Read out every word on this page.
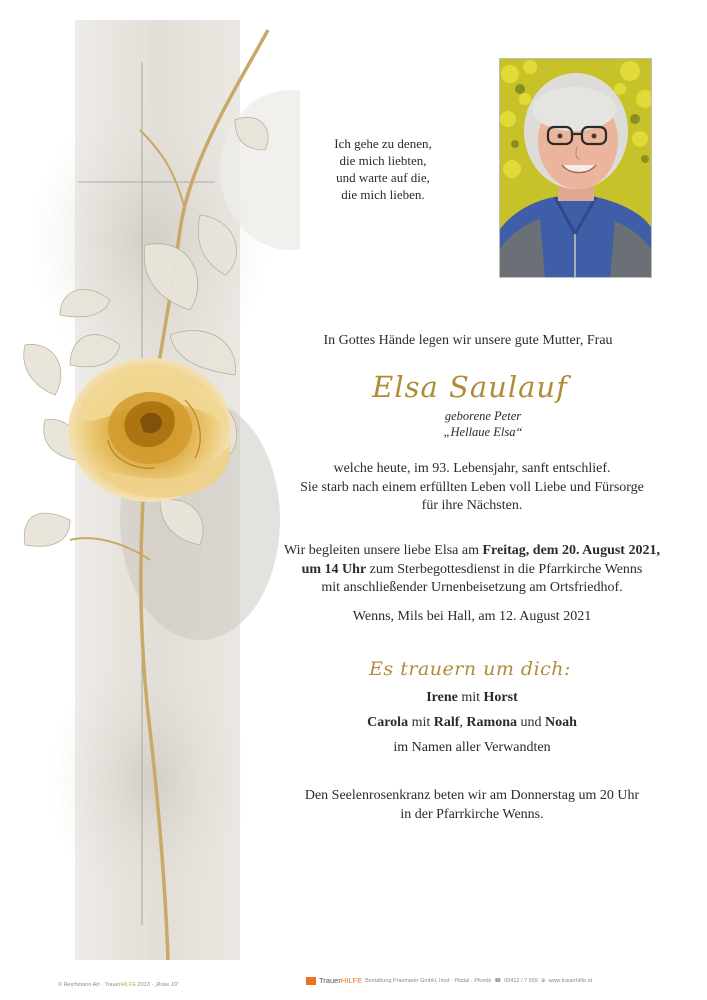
Ich gehe zu denen,
die mich liebten,
und warte auf die,
die mich lieben.
In Gottes Hände legen wir unsere gute Mutter, Frau
Elsa Saulauf
geborene Peter
„Hellaue Elsa“
welche heute, im 93. Lebensjahr, sanft entschlief.
Sie starb nach einem erfüllten Leben voll Liebe und Fürsorge
für ihre Nächsten.
Wir begleiten unsere liebe Elsa am Freitag, dem 20. August 2021,
um 14 Uhr zum Sterbegottesdienst in die Pfarrkirche Wenns
mit anschließender Urnenbeisetzung am Ortsfriedhof.
Wenns, Mils bei Hall, am 12. August 2021
Es trauern um dich:
Irene mit Horst
Carola mit Ralf, Ramona und Noah
im Namen aller Verwandten
Den Seelenrosenkranz beten wir am Donnerstag um 20 Uhr
in der Pfarrkirche Wenns.
© Reichmann Art · TrauerHILFE 2013 · „Rose 19“	TrauerHILFE Bestattung Praxmarer GmbH, Imst · Pitztal · Pfunds ☎ 05412 / 7 559 ⊕ www.trauerhilfe.at
